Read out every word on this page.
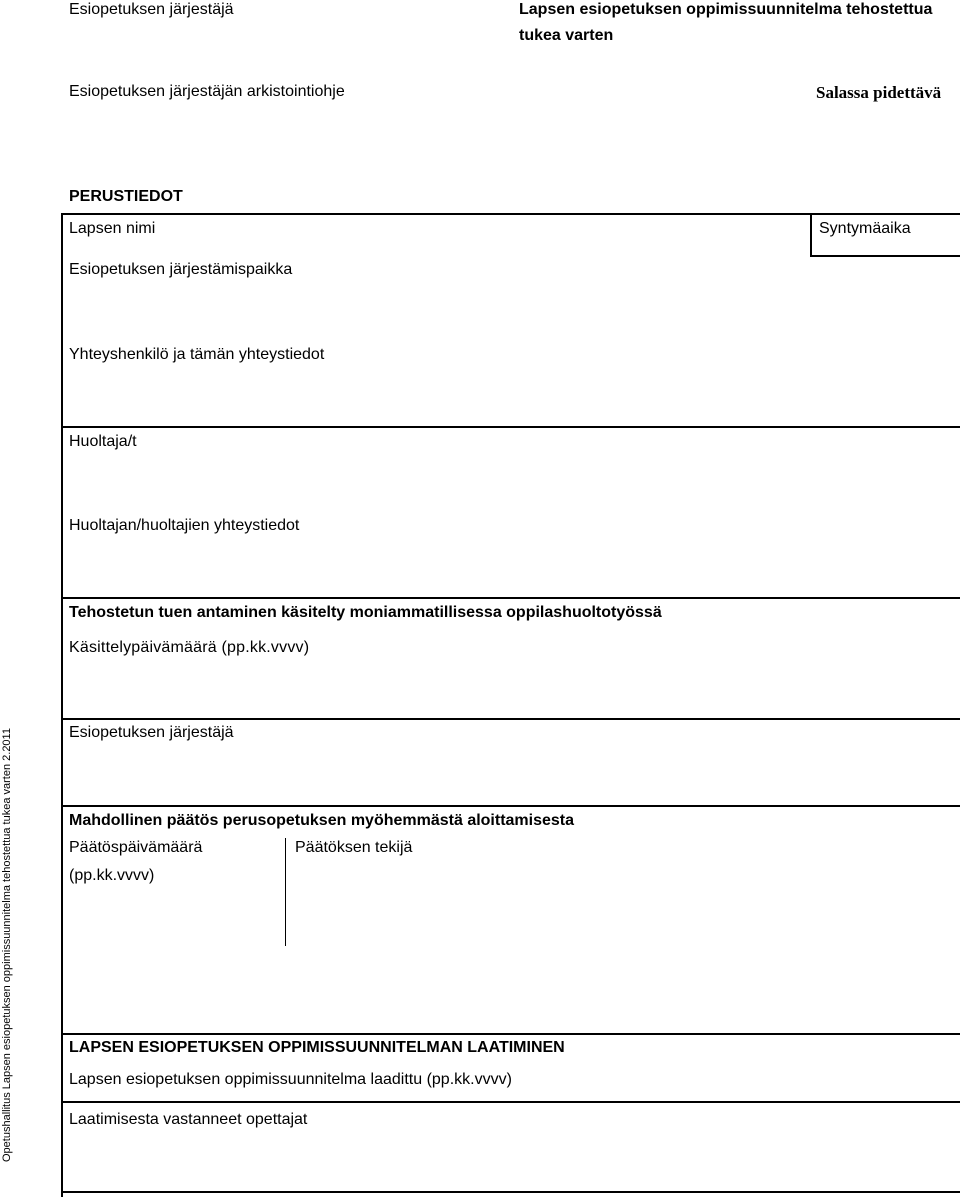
Esiopetuksen järjestäjä	Lapsen esiopetuksen oppimissuunnitelma tehostettua
tukea varten
Esiopetuksen järjestäjän arkistointiohje	Salassa pidettävä
PERUSTIEDOT
Lapsen nimi	Syntymäaika
Esiopetuksen järjestämispaikka
Yhteyshenkilö ja tämän yhteystiedot
Huoltaja/t
Huoltajan/huoltajien yhteystiedot
Tehostetun tuen antaminen käsitelty moniammatillisessa oppilashuoltotyössä
Käsittelypäivämäärä (pp.kk.vvvv)
Esiopetuksen järjestäjä
Mahdollinen päätös perusopetuksen myöhemmästä aloittamisesta
Päätöspäivämäärä
(pp.kk.vvvv)
Päätöksen tekijä
LAPSEN ESIOPETUKSEN OPPIMISSUUNNITELMAN LAATIMINEN
Lapsen esiopetuksen oppimissuunnitelma laadittu (pp.kk.vvvv)
Laatimisesta vastanneet opettajat
Opetushallitus Lapsen esiopetuksen oppimissuunnitelma tehostettua tukea varten 2.2011
